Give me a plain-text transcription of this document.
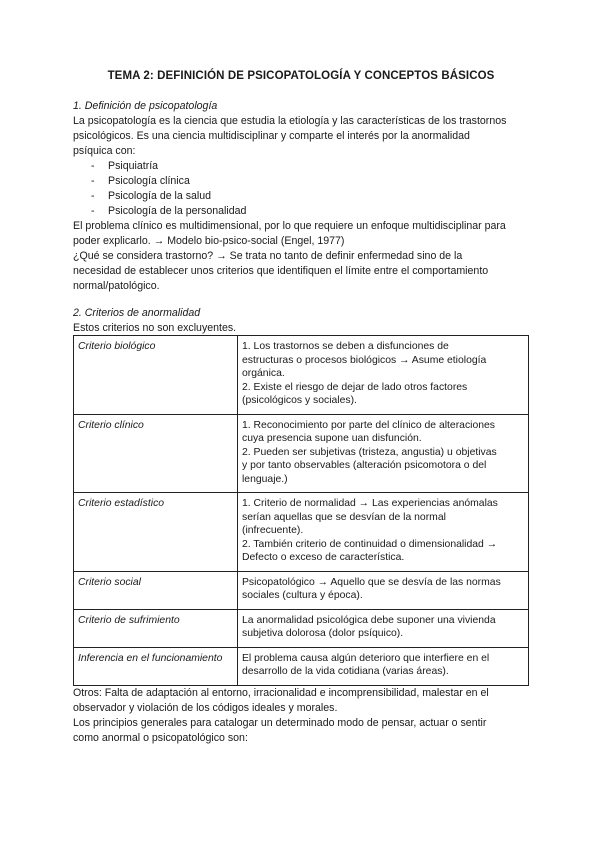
TEMA 2: DEFINICIÓN DE PSICOPATOLOGÍA Y CONCEPTOS BÁSICOS

1. Definición de psicopatología

La psicopatología es la ciencia que estudia la etiología y las características de los trastornos

psicológicos. Es una ciencia multidisciplinar y comparte el interés por la anormalidad

psíquica con:

- Psiquiatría
- Psicología clínica
- Psicología de la salud
- Psicología de la personalidad

El problema clínico es multidimensional, por lo que requiere un enfoque multidisciplinar para

poder explicarlo. → Modelo bio-psico-social (Engel, 1977)

¿Qué se considera trastorno? → Se trata no tanto de definir enfermedad sino de la

necesidad de establecer unos criterios que identifiquen el límite entre el comportamiento

normal/patológico.

2. Criterios de anormalidad

Estos criterios no son excluyentes.

Criterio biológico	1. Los trastornos se deben a disfunciones de
estructuras o procesos biológicos → Asume etiología
orgánica.
2. Existe el riesgo de dejar de lado otros factores
(psicológicos y sociales).

Criterio clínico	1. Reconocimiento por parte del clínico de alteraciones
cuya presencia supone uan disfunción.
2. Pueden ser subjetivas (tristeza, angustia) u objetivas
y por tanto observables (alteración psicomotora o del
lenguaje.)

Criterio estadístico	1. Criterio de normalidad → Las experiencias anómalas
serían aquellas que se desvían de la normal
(infrecuente).
2. También criterio de continuidad o dimensionalidad →
Defecto o exceso de característica.

Criterio social	Psicopatológico → Aquello que se desvía de las normas
sociales (cultura y época).

Criterio de sufrimiento	La anormalidad psicológica debe suponer una vivienda
subjetiva dolorosa (dolor psíquico).

Inferencia en el funcionamiento	El problema causa algún deterioro que interfiere en el
desarrollo de la vida cotidiana (varias áreas).

Otros: Falta de adaptación al entorno, irracionalidad e incomprensibilidad, malestar en el

observador y violación de los códigos ideales y morales.

Los principios generales para catalogar un determinado modo de pensar, actuar o sentir

como anormal o psicopatológico son:
